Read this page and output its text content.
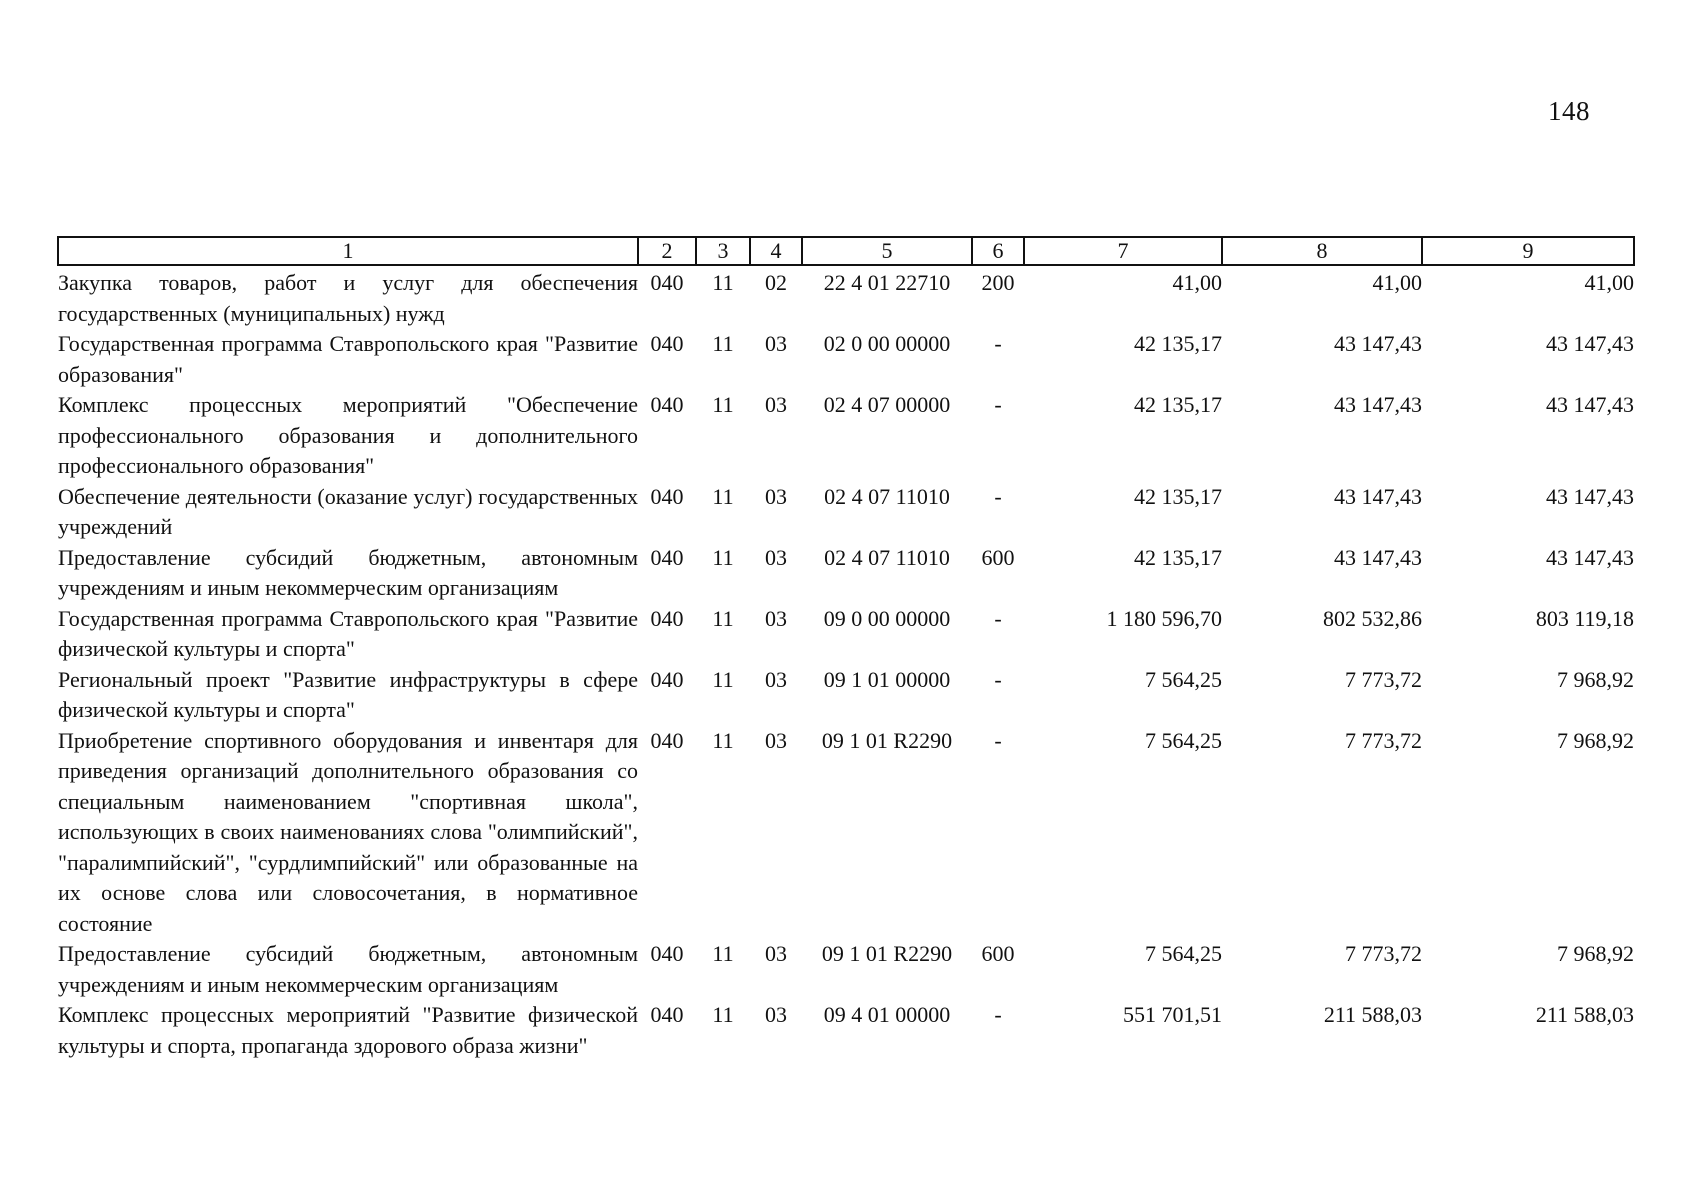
148
1	2	3	4	5	6	7	8	9
Закупка товаров, работ и услуг для обеспечения государственных (муниципальных) нужд	040	11	02	22 4 01 22710	200	41,00	41,00	41,00
Государственная программа Ставропольского края "Развитие образования"	040	11	03	02 0 00 00000	-	42 135,17	43 147,43	43 147,43
Комплекс процессных мероприятий "Обеспечение профессионального образования и дополнительного профессионального образования"	040	11	03	02 4 07 00000	-	42 135,17	43 147,43	43 147,43
Обеспечение деятельности (оказание услуг) государственных учреждений	040	11	03	02 4 07 11010	-	42 135,17	43 147,43	43 147,43
Предоставление субсидий бюджетным, автономным учреждениям и иным некоммерческим организациям	040	11	03	02 4 07 11010	600	42 135,17	43 147,43	43 147,43
Государственная программа Ставропольского края "Развитие физической культуры и спорта"	040	11	03	09 0 00 00000	-	1 180 596,70	802 532,86	803 119,18
Региональный проект "Развитие инфраструктуры в сфере физической культуры и спорта"	040	11	03	09 1 01 00000	-	7 564,25	7 773,72	7 968,92
Приобретение спортивного оборудования и инвентаря для приведения организаций дополнительного образования со специальным наименованием "спортивная школа", использующих в своих наименованиях слова "олимпийский", "паралимпийский", "сурдлимпийский" или образованные на их основе слова или словосочетания, в нормативное состояние	040	11	03	09 1 01 R2290	-	7 564,25	7 773,72	7 968,92
Предоставление субсидий бюджетным, автономным учреждениям и иным некоммерческим организациям	040	11	03	09 1 01 R2290	600	7 564,25	7 773,72	7 968,92
Комплекс процессных мероприятий "Развитие физической культуры и спорта, пропаганда здорового образа жизни"	040	11	03	09 4 01 00000	-	551 701,51	211 588,03	211 588,03
